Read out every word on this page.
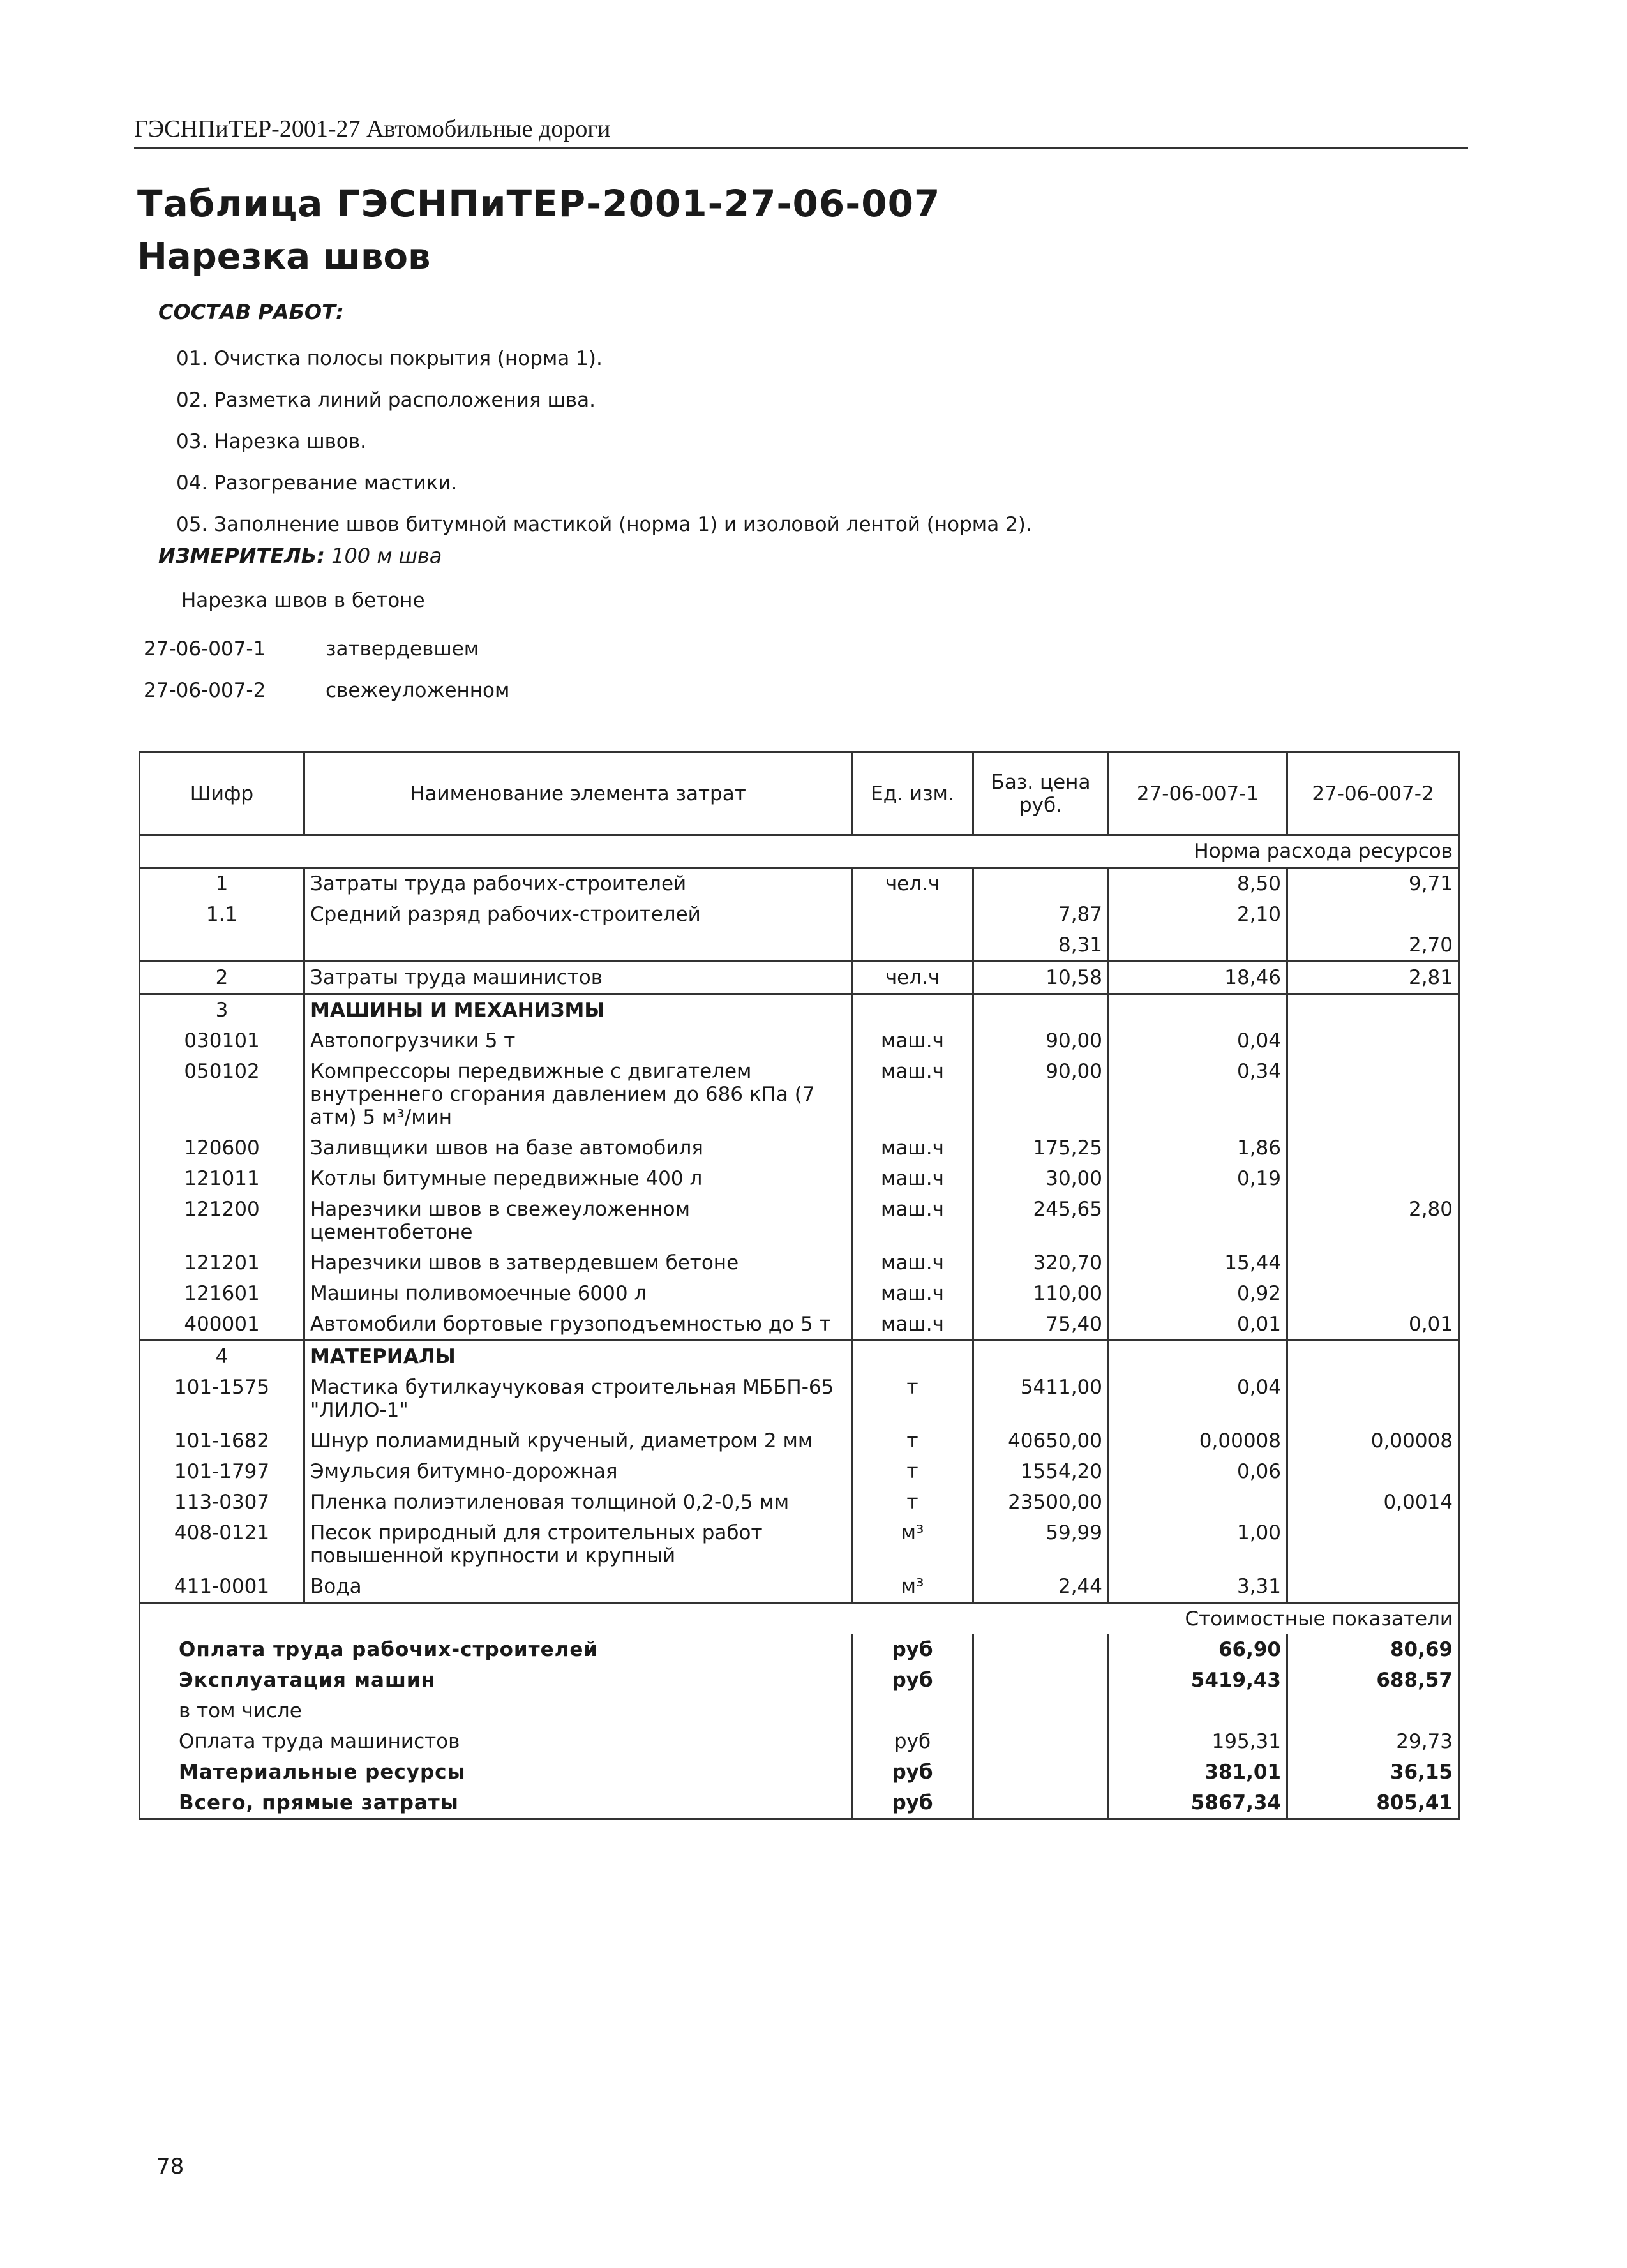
ГЭСНПиТЕР-2001-27 Автомобильные дороги
Таблица ГЭСНПиТЕР-2001-27-06-007
Нарезка швов
СОСТАВ РАБОТ:
01. Очистка полосы покрытия (норма 1).
02. Разметка линий расположения шва.
03. Нарезка швов.
04. Разогревание мастики.
05. Заполнение швов битумной мастикой (норма 1) и изоловой лентой (норма 2).
ИЗМЕРИТЕЛЬ: 100 м шва
Нарезка швов в бетоне
27-06-007-1	затвердевшем
27-06-007-2	свежеуложенном
Шифр	Наименование элемента затрат	Ед. изм.	Баз. цена руб.	27-06-007-1	27-06-007-2
Норма расхода ресурсов					
1	Затраты труда рабочих-строителей	чел.ч		8,50	9,71
1.1	Средний разряд рабочих-строителей		7,87	2,10	
			8,31		2,70
2	Затраты труда машинистов	чел.ч	10,58	18,46	2,81
3	МАШИНЫ И МЕХАНИЗМЫ				
030101	Автопогрузчики 5 т	маш.ч	90,00	0,04	
050102	Компрессоры передвижные с двигателем внутреннего сгорания давлением до 686 кПа (7 атм) 5 м³/мин	маш.ч	90,00	0,34	
120600	Заливщики швов на базе автомобиля	маш.ч	175,25	1,86	
121011	Котлы битумные передвижные 400 л	маш.ч	30,00	0,19	
121200	Нарезчики швов в свежеуложенном цементобетоне	маш.ч	245,65		2,80
121201	Нарезчики швов в затвердевшем бетоне	маш.ч	320,70	15,44	
121601	Машины поливомоечные 6000 л	маш.ч	110,00	0,92	
400001	Автомобили бортовые грузоподъемностью до 5 т	маш.ч	75,40	0,01	0,01
4	МАТЕРИАЛЫ				
101-1575	Мастика бутилкаучуковая строительная МББП-65 "ЛИЛО-1"	т	5411,00	0,04	
101-1682	Шнур полиамидный крученый, диаметром 2 мм	т	40650,00	0,00008	0,00008
101-1797	Эмульсия битумно-дорожная	т	1554,20	0,06	
113-0307	Пленка полиэтиленовая толщиной 0,2-0,5 мм	т	23500,00		0,0014
408-0121	Песок природный для строительных работ повышенной крупности и крупный	м³	59,99	1,00	
411-0001	Вода	м³	2,44	3,31	
Стоимостные показатели					
Оплата труда рабочих-строителей		руб		66,90	80,69
Эксплуатация машин		руб		5419,43	688,57
в том числе					
Оплата труда машинистов		руб		195,31	29,73
Материальные ресурсы		руб		381,01	36,15
Всего, прямые затраты		руб		5867,34	805,41
78
